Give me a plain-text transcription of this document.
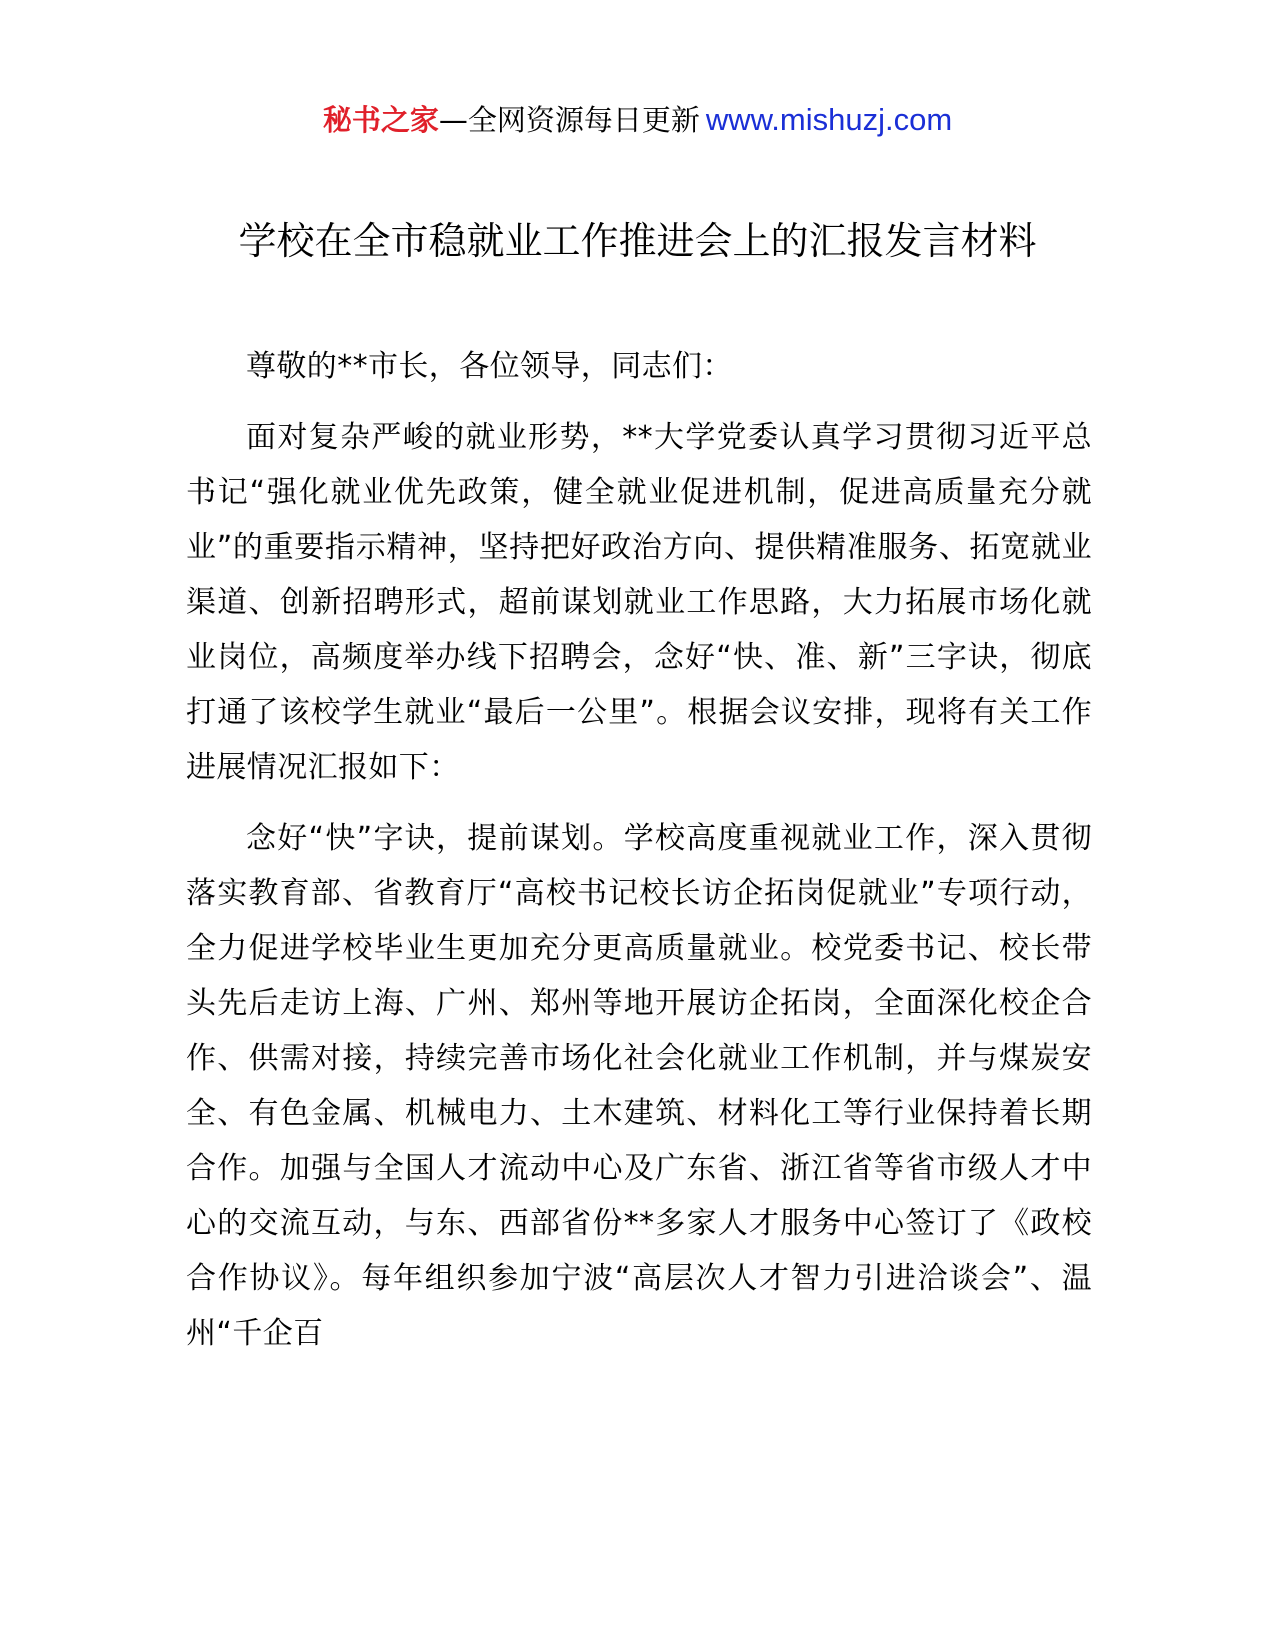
秘书之家—全网资源每日更新 www.mishuzj.com
学校在全市稳就业工作推进会上的汇报发言材料

尊敬的**市长，各位领导，同志们：

面对复杂严峻的就业形势，**大学党委认真学习贯彻习近平总书记“强化就业优先政策，健全就业促进机制，促进高质量充分就业”的重要指示精神，坚持把好政治方向、提供精准服务、拓宽就业渠道、创新招聘形式，超前谋划就业工作思路，大力拓展市场化就业岗位，高频度举办线下招聘会，念好“快、准、新”三字诀，彻底打通了该校学生就业“最后一公里”。根据会议安排，现将有关工作进展情况汇报如下：

念好“快”字诀，提前谋划。学校高度重视就业工作，深入贯彻落实教育部、省教育厅“高校书记校长访企拓岗促就业”专项行动，全力促进学校毕业生更加充分更高质量就业。校党委书记、校长带头先后走访上海、广州、郑州等地开展访企拓岗，全面深化校企合作、供需对接，持续完善市场化社会化就业工作机制，并与煤炭安全、有色金属、机械电力、土木建筑、材料化工等行业保持着长期合作。加强与全国人才流动中心及广东省、浙江省等省市级人才中心的交流互动，与东、西部省份**多家人才服务中心签订了《政校合作协议》。每年组织参加宁波“高层次人才智力引进洽谈会”、温州“千企百
